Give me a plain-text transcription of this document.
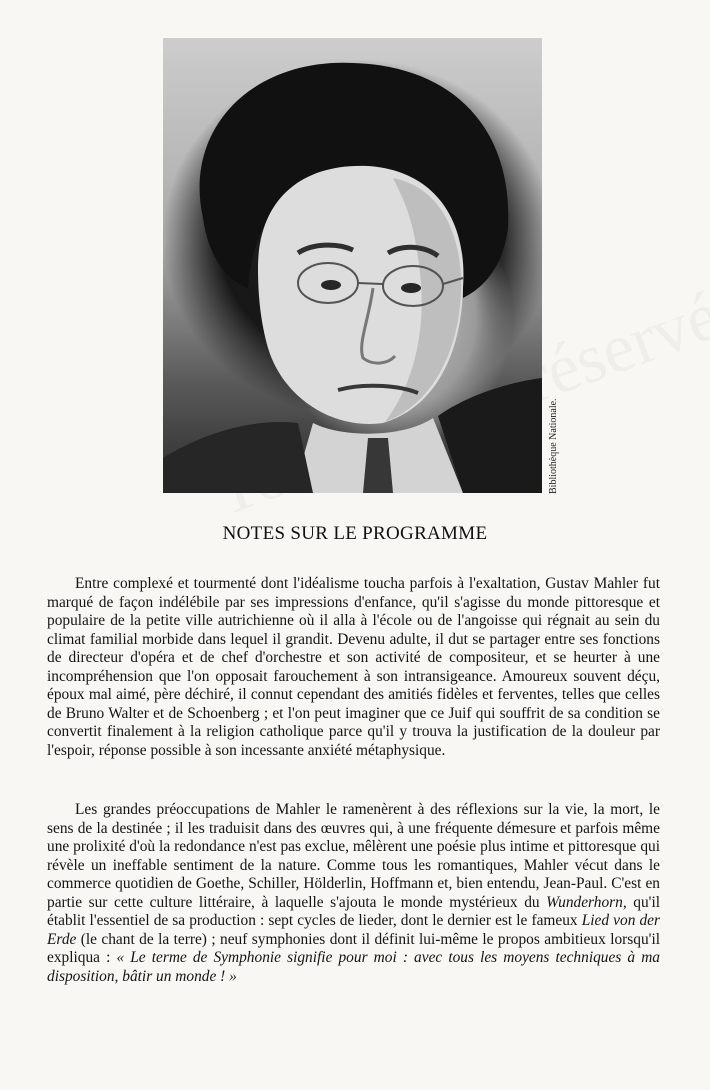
Bibliothèque Nationale.
NOTES SUR LE PROGRAMME

Entre complexé et tourmenté dont l'idéalisme toucha parfois à l'exaltation, Gustav Mahler fut marqué de façon indélébile par ses impressions d'enfance, qu'il s'agisse du monde pittoresque et populaire de la petite ville autrichienne où il alla à l'école ou de l'angoisse qui régnait au sein du climat familial morbide dans lequel il grandit. Devenu adulte, il dut se partager entre ses fonctions de directeur d'opéra et de chef d'orchestre et son activité de compositeur, et se heurter à une incompréhension que l'on opposait farouchement à son intransigeance. Amoureux souvent déçu, époux mal aimé, père déchiré, il connut cependant des amitiés fidèles et ferventes, telles que celles de Bruno Walter et de Schoenberg ; et l'on peut imaginer que ce Juif qui souffrit de sa condition se convertit finalement à la religion catholique parce qu'il y trouva la justification de la douleur par l'espoir, réponse possible à son incessante anxiété métaphysique.

Les grandes préoccupations de Mahler le ramenèrent à des réflexions sur la vie, la mort, le sens de la destinée ; il les traduisit dans des œuvres qui, à une fréquente démesure et parfois même une prolixité d'où la redondance n'est pas exclue, mêlèrent une poésie plus intime et pittoresque qui révèle un ineffable sentiment de la nature. Comme tous les romantiques, Mahler vécut dans le commerce quotidien de Goethe, Schiller, Hölderlin, Hoffmann et, bien entendu, Jean-Paul. C'est en partie sur cette culture littéraire, à laquelle s'ajouta le monde mystérieux du Wunderhorn, qu'il établit l'essentiel de sa production : sept cycles de lieder, dont le dernier est le fameux Lied von der Erde (le chant de la terre) ; neuf symphonies dont il définit lui-même le propos ambitieux lorsqu'il expliqua : « Le terme de Symphonie signifie pour moi : avec tous les moyens techniques à ma disposition, bâtir un monde ! »
